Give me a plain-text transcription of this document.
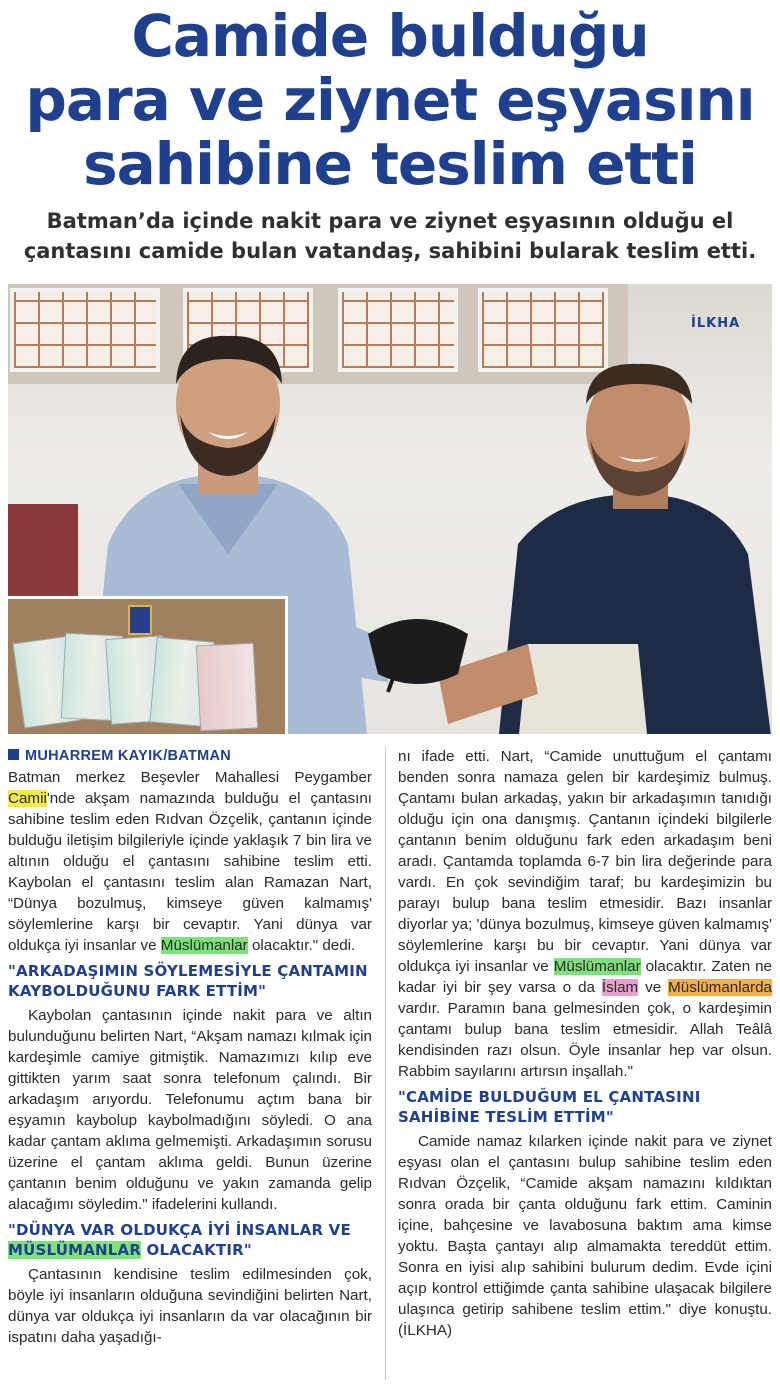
Camide bulduğu
para ve ziynet eşyasını
sahibine teslim etti
Batman’da içinde nakit para ve ziynet eşyasının olduğu el
çantasını camide bulan vatandaş, sahibini bularak teslim etti.
İLKHA
MUHARREM KAYIK/BATMAN

Batman merkez Beşevler Mahallesi Peygamber Camii'nde akşam namazında bulduğu el çantasını sahibine teslim eden Rıdvan Özçelik, çantanın içinde bulduğu iletişim bilgileriyle içinde yaklaşık 7 bin lira ve altının olduğu el çantasını sahibine teslim etti. Kaybolan el çantasını teslim alan Ramazan Nart, “Dünya bozulmuş, kimseye güven kalmamış' söylemlerine karşı bir cevaptır. Yani dünya var oldukça iyi insanlar ve Müslümanlar olacaktır." dedi.

"ARKADAŞIMIN SÖYLEMESİYLE ÇANTAMIN KAYBOLDUĞUNU FARK ETTİM"

Kaybolan çantasının içinde nakit para ve altın bulunduğunu belirten Nart, “Akşam namazı kılmak için kardeşimle camiye gitmiştik. Namazımızı kılıp eve gittikten yarım saat sonra telefonum çalındı. Bir arkadaşım arıyordu. Telefonumu açtım bana bir eşyamın kaybolup kaybolmadığını söyledi. O ana kadar çantam aklıma gelmemişti. Arkadaşımın sorusu üzerine el çantam aklıma geldi. Bunun üzerine çantanın benim olduğunu ve yakın zamanda gelip alacağımı söyledim." ifadelerini kullandı.

"DÜNYA VAR OLDUKÇA İYİ İNSANLAR VE MÜSLÜMANLAR OLACAKTIR"

Çantasının kendisine teslim edilmesinden çok, böyle iyi insanların olduğuna sevindiğini belirten Nart, dünya var oldukça iyi insanların da var olacağının bir ispatını daha yaşadığı-

nı ifade etti. Nart, “Camide unuttuğum el çantamı benden sonra namaza gelen bir kardeşimiz bulmuş. Çantamı bulan arkadaş, yakın bir arkadaşımın tanıdığı olduğu için ona danışmış. Çantanın içindeki bilgilerle çantanın benim olduğunu fark eden arkadaşım beni aradı. Çantamda toplamda 6-7 bin lira değerinde para vardı. En çok sevindiğim taraf; bu kardeşimizin bu parayı bulup bana teslim etmesidir. Bazı insanlar diyorlar ya; 'dünya bozulmuş, kimseye güven kalmamış' söylemlerine karşı bu bir cevaptır. Yani dünya var oldukça iyi insanlar ve Müslümanlar olacaktır. Zaten ne kadar iyi bir şey varsa o da İslam ve Müslümanlarda vardır. Paramın bana gelmesinden çok, o kardeşimin çantamı bulup bana teslim etmesidir. Allah Teâlâ kendisinden razı olsun. Öyle insanlar hep var olsun. Rabbim sayılarını artırsın inşallah."

"CAMİDE BULDUĞUM EL ÇANTASINI SAHİBİNE TESLİM ETTİM"

Camide namaz kılarken içinde nakit para ve ziynet eşyası olan el çantasını bulup sahibine teslim eden Rıdvan Özçelik, “Camide akşam namazını kıldıktan sonra orada bir çanta olduğunu fark ettim. Caminin içine, bahçesine ve lavabosuna baktım ama kimse yoktu. Başta çantayı alıp almamakta tereddüt ettim. Sonra en iyisi alıp sahibini bulurum dedim. Evde içini açıp kontrol ettiğimde çanta sahibine ulaşacak bilgilere ulaşınca getirip sahibene teslim ettim." diye konuştu. (İLKHA)
